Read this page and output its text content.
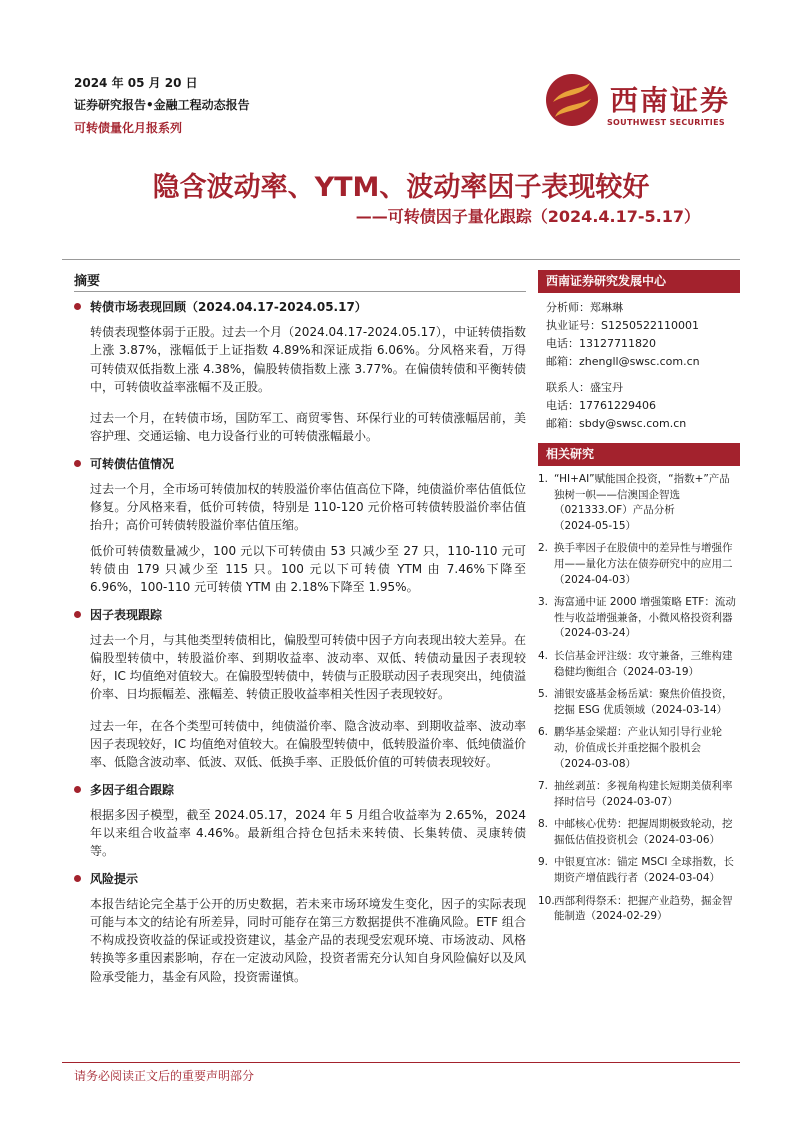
2024 年 05 月 20 日
证券研究报告•金融工程动态报告
可转债量化月报系列
西南证券
SOUTHWEST SECURITIES
隐含波动率、YTM、波动率因子表现较好
——可转债因子量化跟踪（2024.4.17-5.17）
摘要
转债市场表现回顾（2024.04.17-2024.05.17）

转债表现整体弱于正股。过去一个月（2024.04.17-2024.05.17），中证转债指数上涨 3.87%，涨幅低于上证指数 4.89%和深证成指 6.06%。分风格来看，万得可转债双低指数上涨 4.38%，偏股转债指数上涨 3.77%。在偏债转债和平衡转债中，可转债收益率涨幅不及正股。

过去一个月，在转债市场，国防军工、商贸零售、环保行业的可转债涨幅居前，美容护理、交通运输、电力设备行业的可转债涨幅最小。

可转债估值情况

过去一个月，全市场可转债加权的转股溢价率估值高位下降，纯债溢价率估值低位修复。分风格来看，低价可转债，特别是 110-120 元价格可转债转股溢价率估值抬升；高价可转债转股溢价率估值压缩。

低价可转债数量减少，100 元以下可转债由 53 只减少至 27 只，110-110 元可转债由 179 只减少至 115 只。100 元以下可转债 YTM 由 7.46%下降至 6.96%，100-110 元可转债 YTM 由 2.18%下降至 1.95%。

因子表现跟踪

过去一个月，与其他类型转债相比，偏股型可转债中因子方向表现出较大差异。在偏股型转债中，转股溢价率、到期收益率、波动率、双低、转债动量因子表现较好，IC 均值绝对值较大。在偏股型转债中，转债与正股联动因子表现突出，纯债溢价率、日均振幅差、涨幅差、转债正股收益率相关性因子表现较好。

过去一年，在各个类型可转债中，纯债溢价率、隐含波动率、到期收益率、波动率因子表现较好，IC 均值绝对值较大。在偏股型转债中，低转股溢价率、低纯债溢价率、低隐含波动率、低波、双低、低换手率、正股低价值的可转债表现较好。

多因子组合跟踪

根据多因子模型，截至 2024.05.17，2024 年 5 月组合收益率为 2.65%，2024 年以来组合收益率 4.46%。最新组合持仓包括未来转债、长集转债、灵康转债等。

风险提示

本报告结论完全基于公开的历史数据，若未来市场环境发生变化，因子的实际表现可能与本文的结论有所差异，同时可能存在第三方数据提供不准确风险。ETF 组合不构成投资收益的保证或投资建议，基金产品的表现受宏观环境、市场波动、风格转换等多重因素影响，存在一定波动风险，投资者需充分认知自身风险偏好以及风险承受能力，基金有风险，投资需谨慎。

西南证券研究发展中心
分析师：郑琳琳
执业证号：S1250522110001
电话：13127711820
邮箱：zhengll@swsc.com.cn
联系人：盛宝丹
电话：17761229406
邮箱：sbdy@swsc.com.cn
相关研究
1. “HI+AI”赋能国企投资，“指数+”产品独树一帜——信澳国企智选（021333.OF）产品分析（2024-05-15）
2. 换手率因子在股债中的差异性与增强作用——量化方法在债券研究中的应用二（2024-04-03）
3. 海富通中证 2000 增强策略 ETF：流动性与收益增强兼备，小微风格投资利器（2024-03-24）
4. 长信基金评注级：攻守兼备，三维构建稳健均衡组合（2024-03-19）
5. 浦银安盛基金杨岳斌：聚焦价值投资，挖掘 ESG 优质领域（2024-03-14）
6. 鹏华基金梁超：产业认知引导行业轮动，价值成长并重挖掘个股机会（2024-03-08）
7. 抽丝剥茧：多视角构建长短期美债利率择时信号（2024-03-07）
8. 中邮核心优势：把握周期极致轮动，挖掘低估值投资机会（2024-03-06）
9. 中银夏宜冰：锚定 MSCI 全球指数，长期资产增值践行者（2024-03-04）
10. 西部利得祭禾：把握产业趋势，掘金智能制造（2024-02-29）
请务必阅读正文后的重要声明部分
